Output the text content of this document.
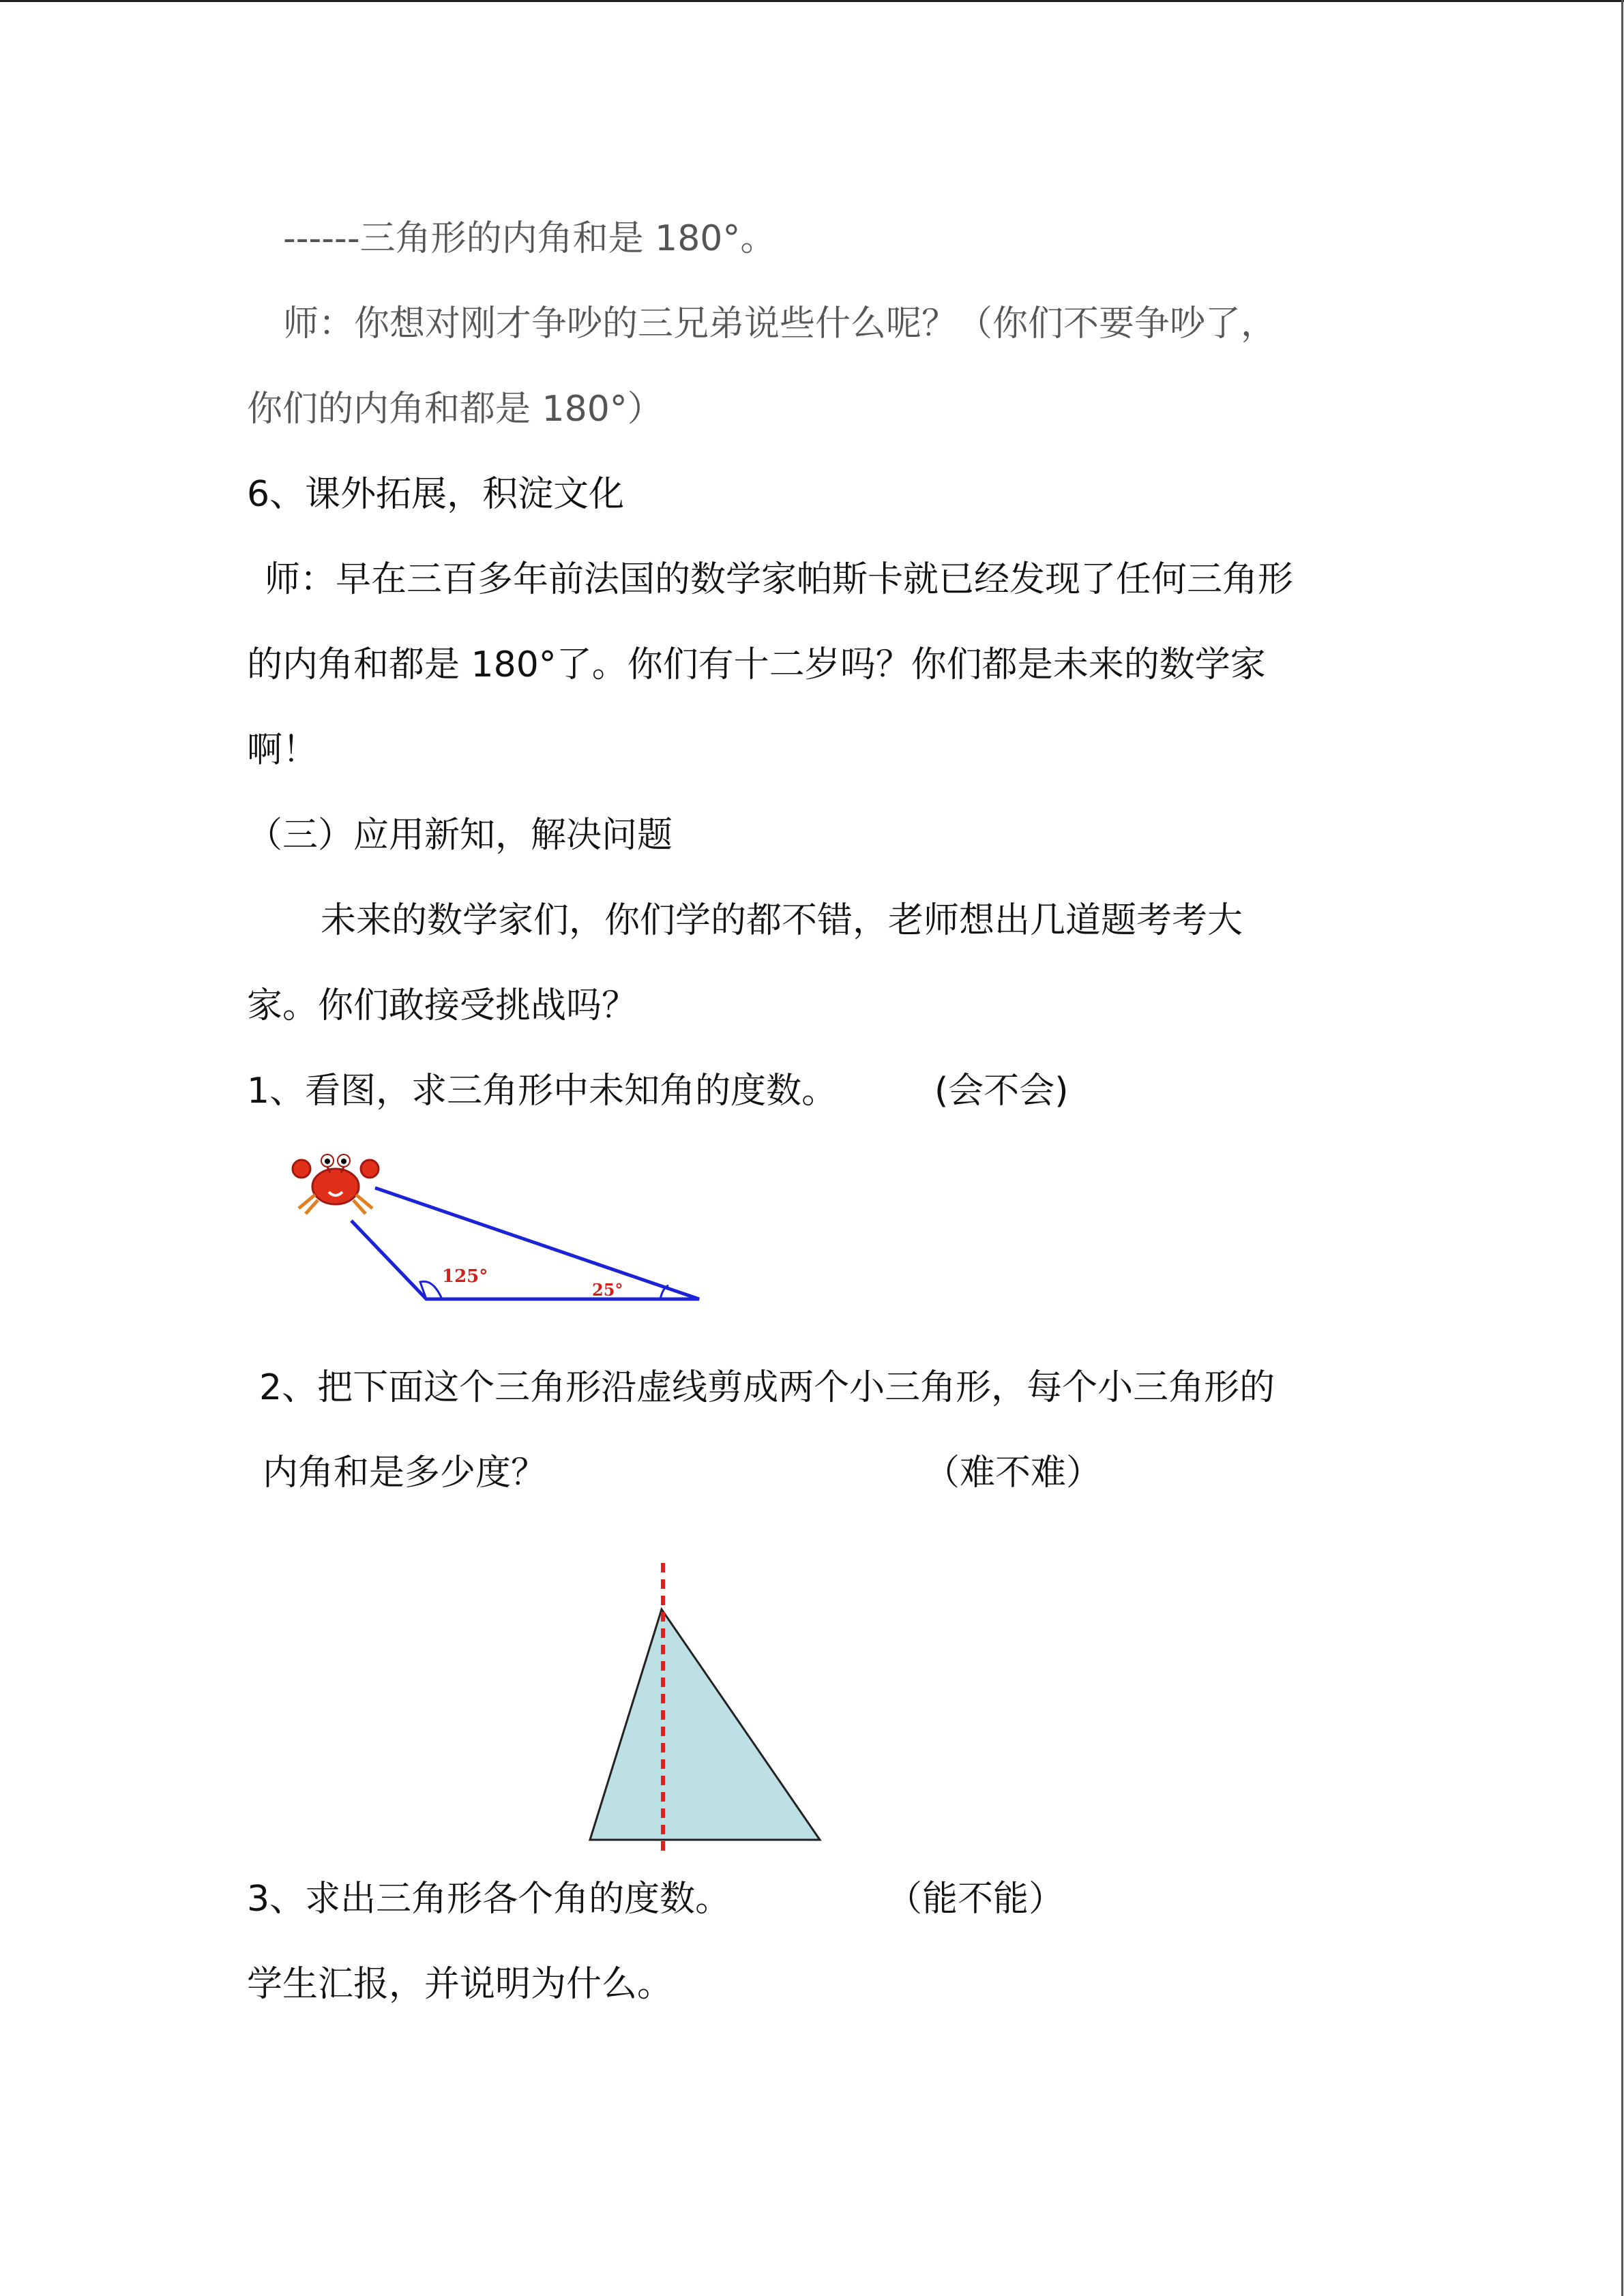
------三角形的内角和是 180°。
师：你想对刚才争吵的三兄弟说些什么呢？（你们不要争吵了，
你们的内角和都是 180°）
6、课外拓展，积淀文化
师：早在三百多年前法国的数学家帕斯卡就已经发现了任何三角形
的内角和都是 180°了。你们有十二岁吗？你们都是未来的数学家
啊！
（三）应用新知，解决问题
未来的数学家们，你们学的都不错，老师想出几道题考考大
家。你们敢接受挑战吗？
1、看图，求三角形中未知角的度数。	(会不会)
125°
25°
2、把下面这个三角形沿虚线剪成两个小三角形，每个小三角形的
内角和是多少度？	（难不难）
3、求出三角形各个角的度数。	（能不能）
学生汇报，并说明为什么。
